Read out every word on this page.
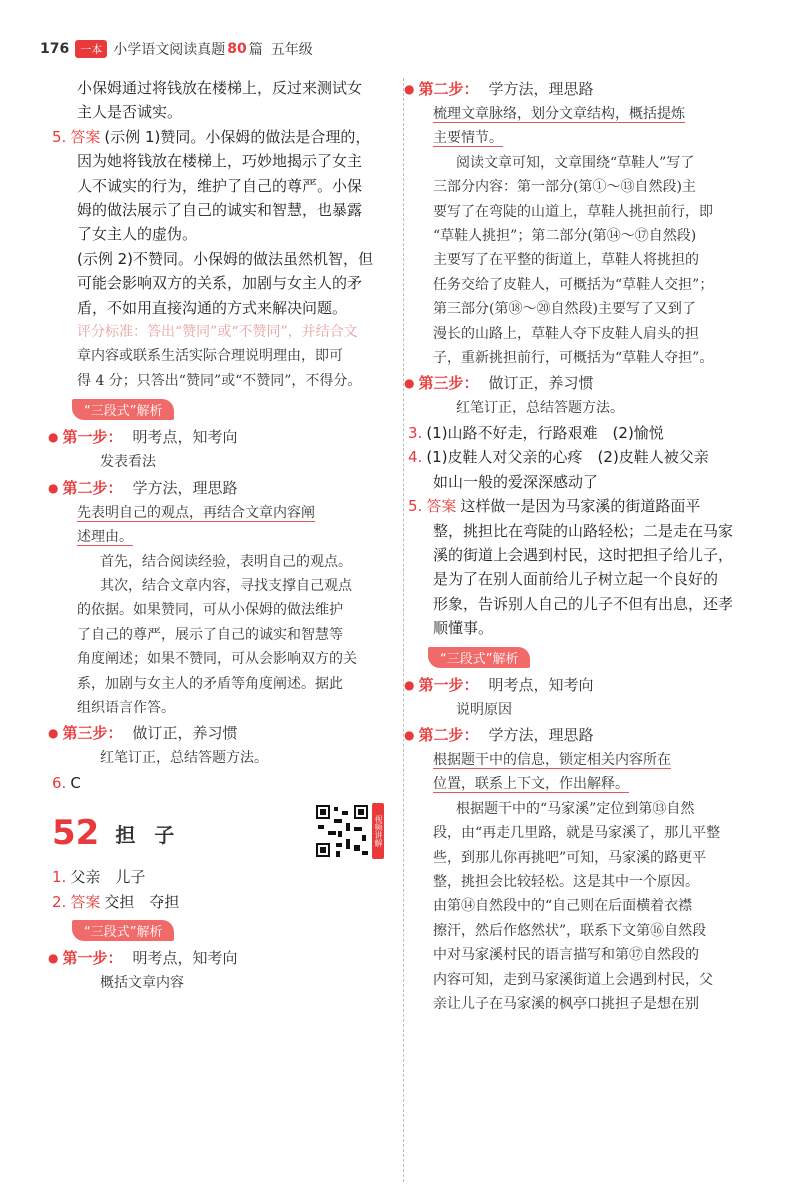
176	一本 小学语文阅读真题 80 篇 五年级

小保姆通过将钱放在楼梯上，反过来测试女

主人是否诚实。

5. 答案 (示例 1)赞同。小保姆的做法是合理的，

因为她将钱放在楼梯上，巧妙地揭示了女主

人不诚实的行为，维护了自己的尊严。小保

姆的做法展示了自己的诚实和智慧，也暴露

了女主人的虚伪。

(示例 2)不赞同。小保姆的做法虽然机智，但

可能会影响双方的关系，加剧与女主人的矛

盾，不如用直接沟通的方式来解决问题。

评分标准：答出“赞同”或“不赞同”，并结合文

章内容或联系生活实际合理说明理由，即可

得 4 分；只答出“赞同”或“不赞同”，不得分。

“三段式”解析
● 第一步： 明考点，知考向

发表看法

● 第二步： 学方法，理思路

先表明自己的观点，再结合文章内容阐

述理由。

首先，结合阅读经验，表明自己的观点。

其次，结合文章内容，寻找支撑自己观点

的依据。如果赞同，可从小保姆的做法维护

了自己的尊严，展示了自己的诚实和智慧等

角度阐述；如果不赞同，可从会影响双方的关

系，加剧与女主人的矛盾等角度阐述。据此

组织语言作答。

● 第三步： 做订正，养习惯

红笔订正，总结答题方法。

6. C

52 担 子	视频讲解

1. 父亲　儿子

2. 答案 交担　夺担

“三段式”解析
● 第一步： 明考点，知考向

概括文章内容

● 第二步： 学方法，理思路

梳理文章脉络，划分文章结构，概括提炼

主要情节。

阅读文章可知，文章围绕“草鞋人”写了

三部分内容：第一部分(第①～⑬自然段)主

要写了在弯陡的山道上，草鞋人挑担前行，即

“草鞋人挑担”；第二部分(第⑭～⑰自然段)

主要写了在平整的街道上，草鞋人将挑担的

任务交给了皮鞋人，可概括为“草鞋人交担”；

第三部分(第⑱～⑳自然段)主要写了又到了

漫长的山路上，草鞋人夺下皮鞋人肩头的担

子，重新挑担前行，可概括为“草鞋人夺担”。

● 第三步： 做订正，养习惯

红笔订正，总结答题方法。

3. (1)山路不好走，行路艰难　(2)愉悦

4. (1)皮鞋人对父亲的心疼　(2)皮鞋人被父亲

如山一般的爱深深感动了

5. 答案 这样做一是因为马家溪的街道路面平

整，挑担比在弯陡的山路轻松；二是走在马家

溪的街道上会遇到村民，这时把担子给儿子，

是为了在别人面前给儿子树立起一个良好的

形象，告诉别人自己的儿子不但有出息，还孝

顺懂事。

“三段式”解析
● 第一步： 明考点，知考向

说明原因

● 第二步： 学方法，理思路

根据题干中的信息，锁定相关内容所在

位置，联系上下文，作出解释。

根据题干中的“马家溪”定位到第⑬自然

段，由“再走几里路，就是马家溪了，那儿平整

些，到那儿你再挑吧”可知，马家溪的路更平

整，挑担会比较轻松。这是其中一个原因。

由第⑭自然段中的“自己则在后面横着衣襟

擦汗，然后作悠然状”，联系下文第⑯自然段

中对马家溪村民的语言描写和第⑰自然段的

内容可知，走到马家溪街道上会遇到村民，父

亲让儿子在马家溪的枫亭口挑担子是想在别
